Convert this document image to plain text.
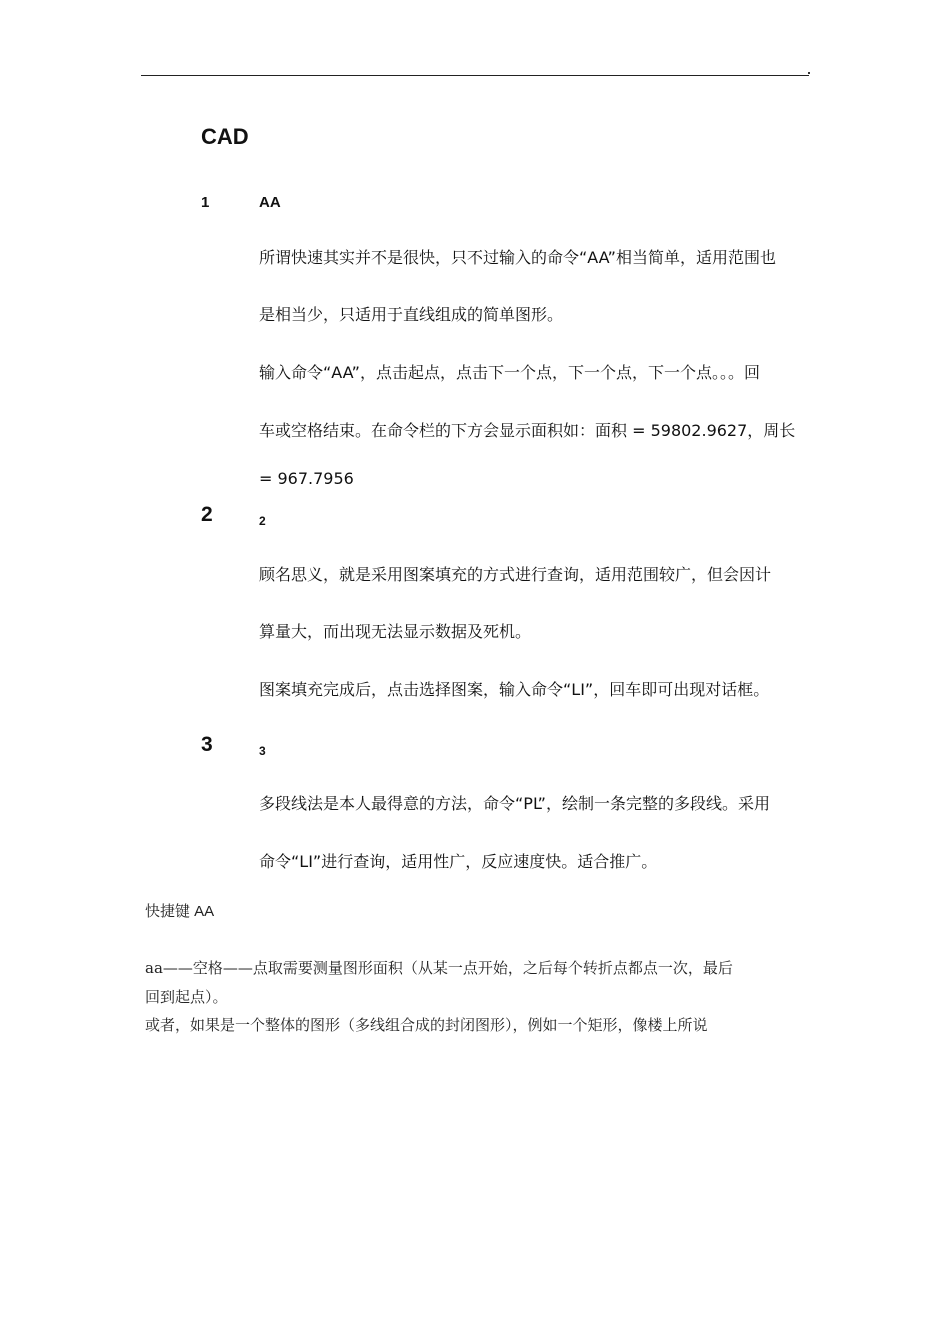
CAD
1	AA
所谓快速其实并不是很快，只不过输入的命令“AA”相当简单，适用范围也
是相当少，只适用于直线组成的简单图形。
输入命令“AA”，点击起点，点击下一个点，下一个点，下一个点。。。回
车或空格结束。在命令栏的下方会显示面积如：面积 = 59802.9627，周长
= 967.7956
2	2
顾名思义，就是采用图案填充的方式进行查询，适用范围较广，但会因计
算量大，而出现无法显示数据及死机。
图案填充完成后，点击选择图案，输入命令“LI”，回车即可出现对话框。
3	3
多段线法是本人最得意的方法，命令“PL”，绘制一条完整的多段线。采用
命令“LI”进行查询，适用性广，反应速度快。适合推广。
快捷键 AA
aa——空格——点取需要测量图形面积（从某一点开始，之后每个转折点都点一次，最后
回到起点）。
或者，如果是一个整体的图形（多线组合成的封闭图形），例如一个矩形，像楼上所说
